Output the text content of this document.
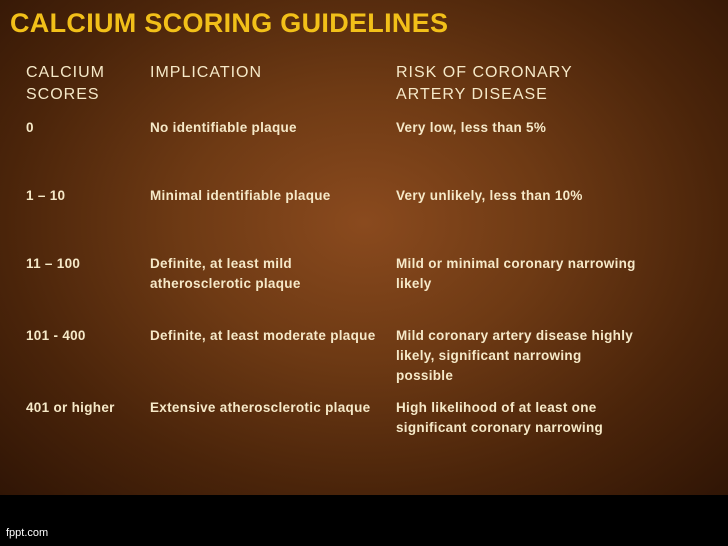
CALCIUM SCORING GUIDELINES
CALCIUM SCORES	IMPLICATION	RISK OF CORONARY ARTERY DISEASE
0	No identifiable plaque	Very low, less than 5%
1 – 10	Minimal identifiable plaque	Very unlikely, less than 10%
11 – 100	Definite, at least mild atherosclerotic plaque	Mild or minimal coronary narrowing likely
101 - 400	Definite, at least moderate plaque	Mild coronary artery disease highly likely, significant narrowing possible
401 or higher	Extensive atherosclerotic plaque	High likelihood of at least one significant coronary narrowing
fppt.com
